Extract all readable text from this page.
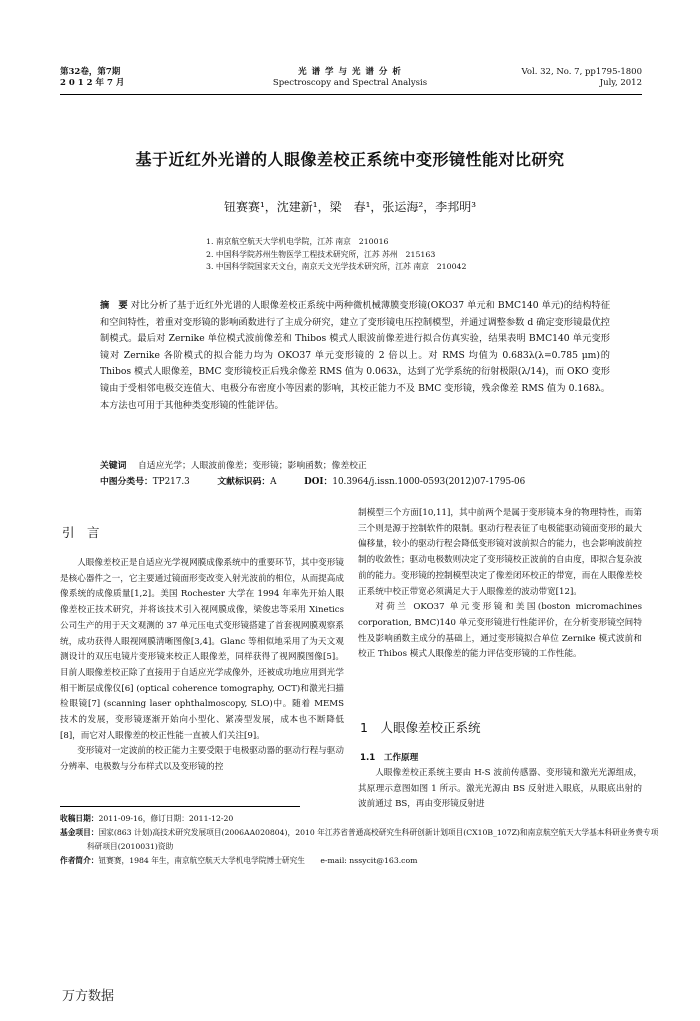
第32卷，第7期
2 0 1 2 年 7 月
光 谱 学 与 光 谱 分 析
Spectroscopy and Spectral Analysis
Vol. 32, No. 7, pp1795-1800
July, 2012
基于近红外光谱的人眼像差校正系统中变形镜性能对比研究
钮赛赛¹，沈建新¹，梁　春¹，张运海²，李邦明³
1. 南京航空航天大学机电学院，江苏 南京　210016
2. 中国科学院苏州生物医学工程技术研究所，江苏 苏州　215163
3. 中国科学院国家天文台，南京天文光学技术研究所，江苏 南京　210042
摘　要 对比分析了基于近红外光谱的人眼像差校正系统中两种微机械薄膜变形镜(OKO37 单元和 BMC140 单元)的结构特征和空间特性，着重对变形镜的影响函数进行了主成分研究，建立了变形镜电压控制模型，并通过调整参数 d 确定变形镜最优控制模式。最后对 Zernike 单位模式波前像差和 Thibos 模式人眼波前像差进行拟合仿真实验，结果表明 BMC140 单元变形镜对 Zernike 各阶模式的拟合能力均为 OKO37 单元变形镜的 2 倍以上。对 RMS 均值为 0.683λ(λ=0.785 μm)的 Thibos 模式人眼像差，BMC 变形镜校正后残余像差 RMS 值为 0.063λ，达到了光学系统的衍射极限(λ/14)，而 OKO 变形镜由于受相邻电极交连值大、电极分布密度小等因素的影响，其校正能力不及 BMC 变形镜，残余像差 RMS 值为 0.168λ。本方法也可用于其他种类变形镜的性能评估。
关键词　 自适应光学；人眼波前像差；变形镜；影响函数；像差校正
中图分类号：TP217.3	文献标识码：A	DOI：10.3964/j.issn.1000-0593(2012)07-1795-06
引　言

人眼像差校正是自适应光学视网膜成像系统中的重要环节，其中变形镜是核心器件之一，它主要通过镜面形变改变入射光波前的相位，从而提高成像系统的成像质量[1,2]。美国 Rochester 大学在 1994 年率先开始人眼像差校正技术研究，并将该技术引入视网膜成像，梁俊忠等采用 Xinetics 公司生产的用于天文观测的 37 单元压电式变形镜搭建了首套视网膜观察系统，成功获得人眼视网膜清晰图像[3,4]。Glanc 等相似地采用了为天文观测设计的双压电镜片变形镜来校正人眼像差，同样获得了视网膜图像[5]。目前人眼像差校正除了直接用于自适应光学成像外，还被成功地应用到光学相干断层成像仪[6] (optical coherence tomography, OCT)和激光扫描检眼镜[7] (scanning laser ophthalmoscopy, SLO)中。随着 MEMS 技术的发展，变形镜逐渐开始向小型化、紧凑型发展，成本也不断降低[8]，而它对人眼像差的校正性能一直被人们关注[9]。

变形镜对一定波前的校正能力主要受限于电极驱动器的驱动行程与驱动分辨率、电极数与分布样式以及变形镜的控

制模型三个方面[10,11]，其中前两个是属于变形镜本身的物理特性，而第三个则是源于控制软件的限制。驱动行程表征了电极能驱动镜面变形的最大偏移量，较小的驱动行程会降低变形镜对波前拟合的能力，也会影响波前控制的收敛性；驱动电极数则决定了变形镜校正波前的自由度，即拟合复杂波前的能力。变形镜的控制模型决定了像差闭环校正的带宽，而在人眼像差校正系统中校正带宽必须满足大于人眼像差的波动带宽[12]。

对荷兰 OKO37 单元变形镜和美国(boston micromachines corporation, BMC)140 单元变形镜进行性能评价，在分析变形镜空间特性及影响函数主成分的基础上，通过变形镜拟合单位 Zernike 模式波前和校正 Thibos 模式人眼像差的能力评估变形镜的工作性能。

1　人眼像差校正系统
1.1　工作原理

人眼像差校正系统主要由 H-S 波前传感器、变形镜和激光光源组成，其原理示意图如图 1 所示。激光光源由 BS 反射进入眼底，从眼底出射的波前通过 BS，再由变形镜反射进

收稿日期：2011-09-16，修订日期：2011-12-20
基金项目：国家(863 计划)高技术研究发展项目(2006AA020804)，2010 年江苏省普通高校研究生科研创新计划项目(CX10B_107Z)和南京航空航天大学基本科研业务费专项科研项目(2010031)资助
作者简介：钮赛赛，1984 年生，南京航空航天大学机电学院博士研究生　　e-mail: nssycit@163.com
万方数据
